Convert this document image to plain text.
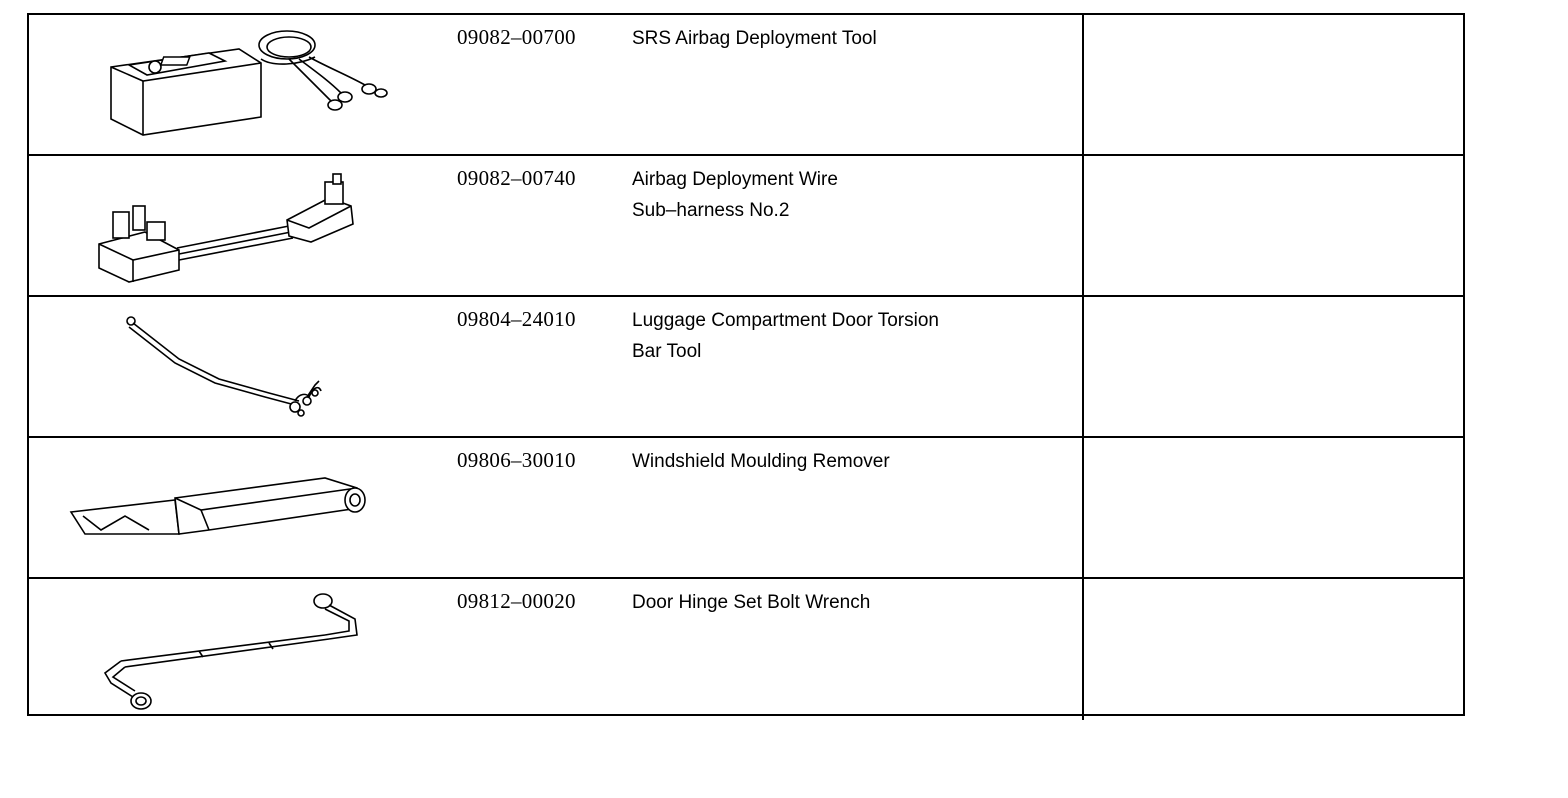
09082–00700	SRS Airbag Deployment Tool
09082–00740	Airbag Deployment Wire
Sub–harness No.2
09804–24010	Luggage Compartment Door Torsion
Bar Tool
09806–30010	Windshield Moulding Remover
09812–00020	Door Hinge Set Bolt Wrench
